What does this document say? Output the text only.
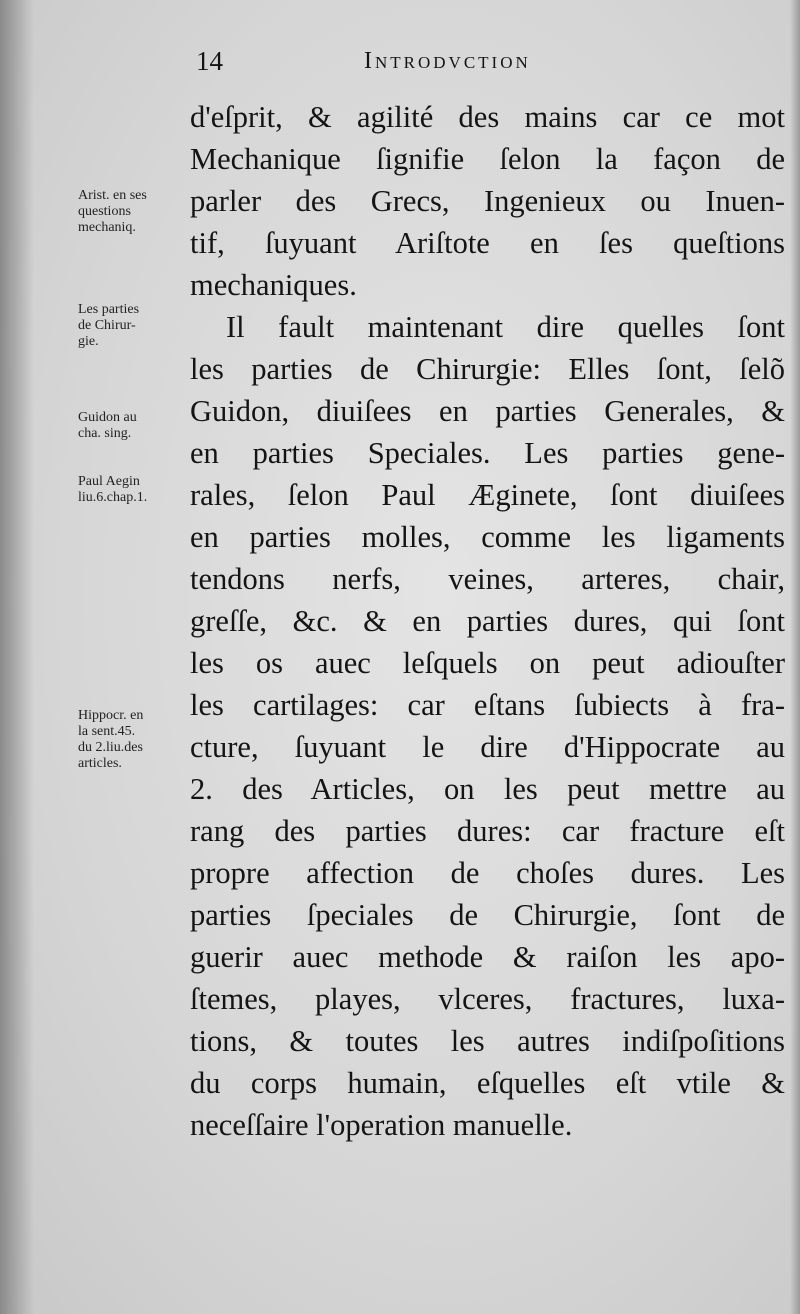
14	Introdvction
Arist. en ses
questions
mechaniq.
Les parties
de Chirur-
gie.
Guidon au
cha. sing.
Paul Aegin
liu.6.chap.1.
Hippocr. en
la sent.45.
du 2.liu.des
articles.
d'eſprit, & agilité des mains car ce mot
Mechanique ſignifie ſelon la façon de
parler des Grecs, Ingenieux ou Inuen-
tif, ſuyuant Ariſtote en ſes queſtions
mechaniques.
Il fault maintenant dire quelles ſont
les parties de Chirurgie: Elles ſont, ſelõ
Guidon, diuiſees en parties Generales, &
en parties Speciales. Les parties gene-
rales, ſelon Paul Æginete, ſont diuiſees
en parties molles, comme les ligaments
tendons nerfs, veines, arteres, chair,
greſſe, &c. & en parties dures, qui ſont
les os auec leſquels on peut adiouſter
les cartilages: car eſtans ſubiects à fra-
cture, ſuyuant le dire d'Hippocrate au
2. des Articles, on les peut mettre au
rang des parties dures: car fracture eſt
propre affection de choſes dures. Les
parties ſpeciales de Chirurgie, ſont de
guerir auec methode & raiſon les apo-
ſtemes, playes, vlceres, fractures, luxa-
tions, & toutes les autres indiſpoſitions
du corps humain, eſquelles eſt vtile &
neceſſaire l'operation manuelle.
